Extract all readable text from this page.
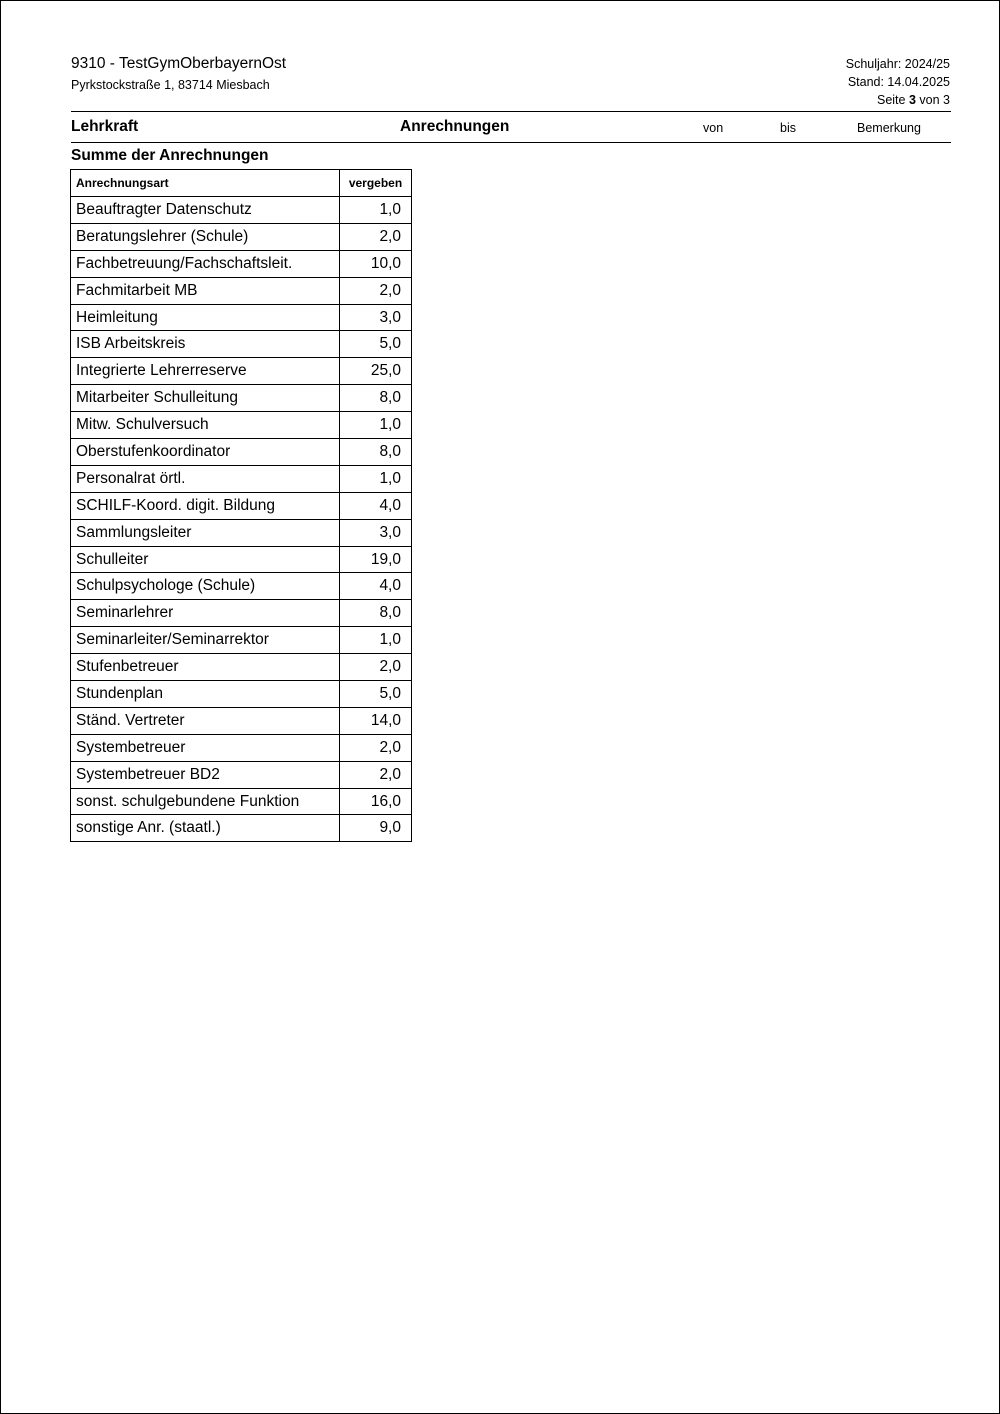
9310 - TestGymOberbayernOst
Pyrkstockstraße 1, 83714 Miesbach
Schuljahr: 2024/25
Stand: 14.04.2025
Seite 3 von 3
Lehrkraft	Anrechnungen	von	bis	Bemerkung
Summe der Anrechnungen
Anrechnungsart	vergeben
Beauftragter Datenschutz	1,0
Beratungslehrer (Schule)	2,0
Fachbetreuung/Fachschaftsleit.	10,0
Fachmitarbeit MB	2,0
Heimleitung	3,0
ISB Arbeitskreis	5,0
Integrierte Lehrerreserve	25,0
Mitarbeiter Schulleitung	8,0
Mitw. Schulversuch	1,0
Oberstufenkoordinator	8,0
Personalrat örtl.	1,0
SCHILF-Koord. digit. Bildung	4,0
Sammlungsleiter	3,0
Schulleiter	19,0
Schulpsychologe (Schule)	4,0
Seminarlehrer	8,0
Seminarleiter/Seminarrektor	1,0
Stufenbetreuer	2,0
Stundenplan	5,0
Ständ. Vertreter	14,0
Systembetreuer	2,0
Systembetreuer BD2	2,0
sonst. schulgebundene Funktion	16,0
sonstige Anr. (staatl.)	9,0
